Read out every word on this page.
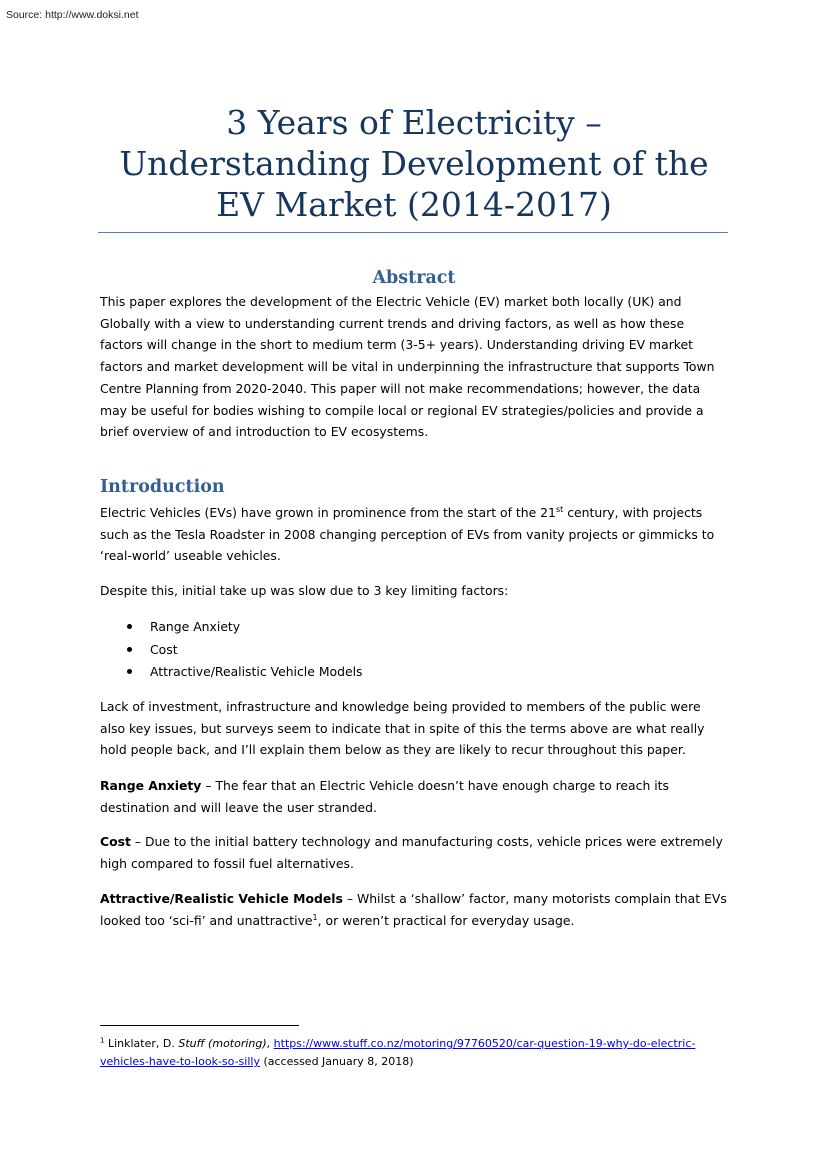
Source: http://www.doksi.net
3 Years of Electricity – Understanding Development of the EV Market (2014-2017)
Abstract

This paper explores the development of the Electric Vehicle (EV) market both locally (UK) and Globally with a view to understanding current trends and driving factors, as well as how these factors will change in the short to medium term (3-5+ years). Understanding driving EV market factors and market development will be vital in underpinning the infrastructure that supports Town Centre Planning from 2020-2040. This paper will not make recommendations; however, the data may be useful for bodies wishing to compile local or regional EV strategies/policies and provide a brief overview of and introduction to EV ecosystems.

Introduction

Electric Vehicles (EVs) have grown in prominence from the start of the 21st century, with projects such as the Tesla Roadster in 2008 changing perception of EVs from vanity projects or gimmicks to ‘real-world’ useable vehicles.

Despite this, initial take up was slow due to 3 key limiting factors:

Range Anxiety
Cost
Attractive/Realistic Vehicle Models

Lack of investment, infrastructure and knowledge being provided to members of the public were also key issues, but surveys seem to indicate that in spite of this the terms above are what really hold people back, and I’ll explain them below as they are likely to recur throughout this paper.

Range Anxiety – The fear that an Electric Vehicle doesn’t have enough charge to reach its destination and will leave the user stranded.

Cost – Due to the initial battery technology and manufacturing costs, vehicle prices were extremely high compared to fossil fuel alternatives.

Attractive/Realistic Vehicle Models – Whilst a ‘shallow’ factor, many motorists complain that EVs looked too ‘sci-fi’ and unattractive$^1$, or weren’t practical for everyday usage.

$^1$ Linklater, D. Stuff (motoring), https://www.stuff.co.nz/motoring/97760520/car-question-19-why-do-electric-vehicles-have-to-look-so-silly (accessed January 8, 2018)
